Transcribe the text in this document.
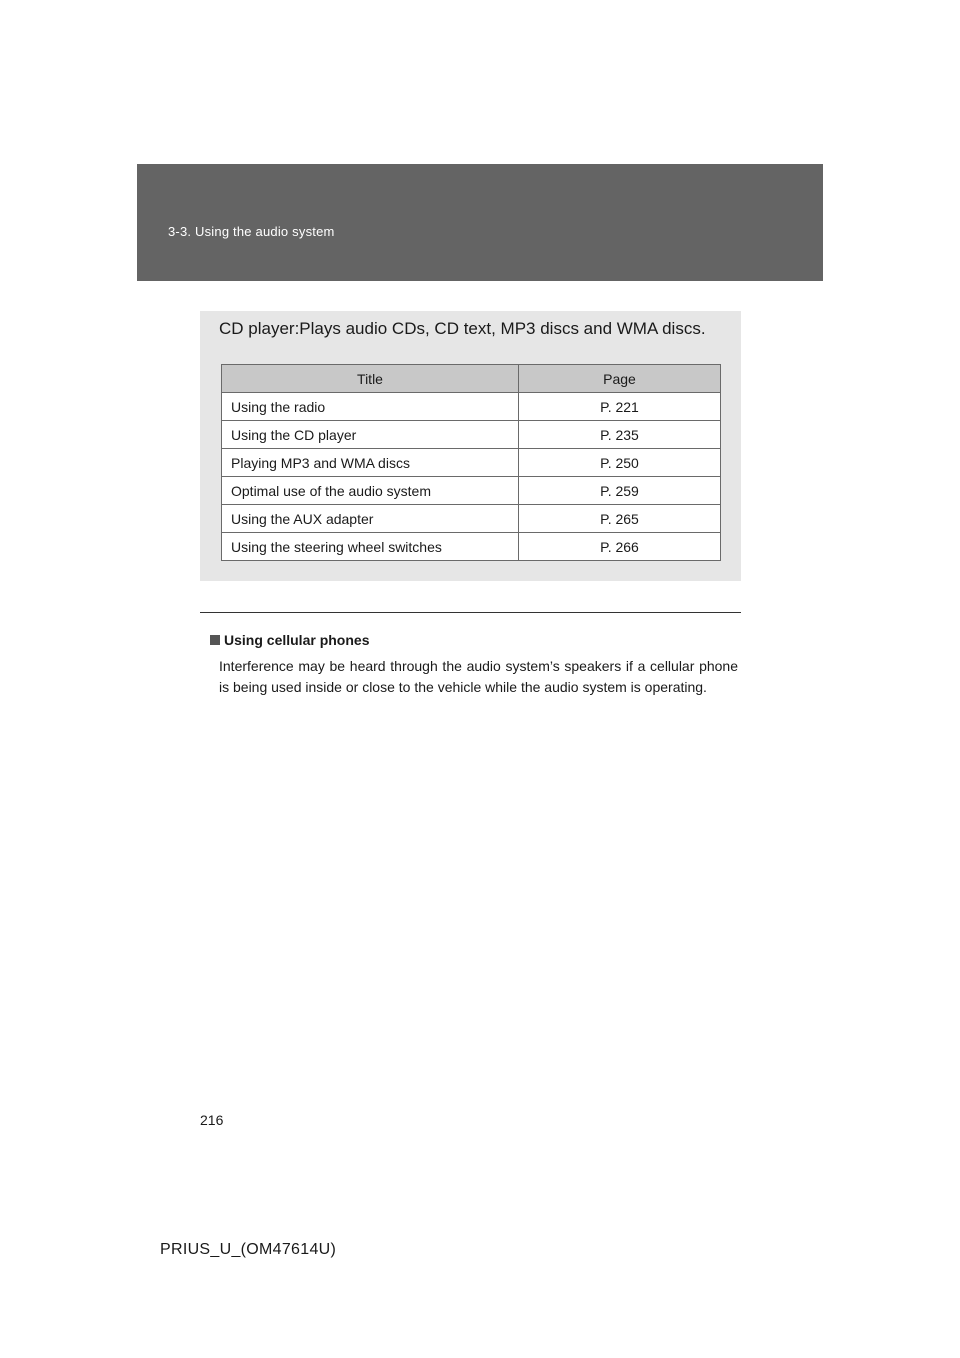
3-3. Using the audio system
CD player:Plays audio CDs, CD text, MP3 discs and WMA discs.
Title	Page
Using the radio	P. 221
Using the CD player	P. 235
Playing MP3 and WMA discs	P. 250
Optimal use of the audio system	P. 259
Using the AUX adapter	P. 265
Using the steering wheel switches	P. 266
Using cellular phones

Interference may be heard through the audio system’s speakers if a cellular phone is being used inside or close to the vehicle while the audio system is operating.

216
PRIUS_U_(OM47614U)
